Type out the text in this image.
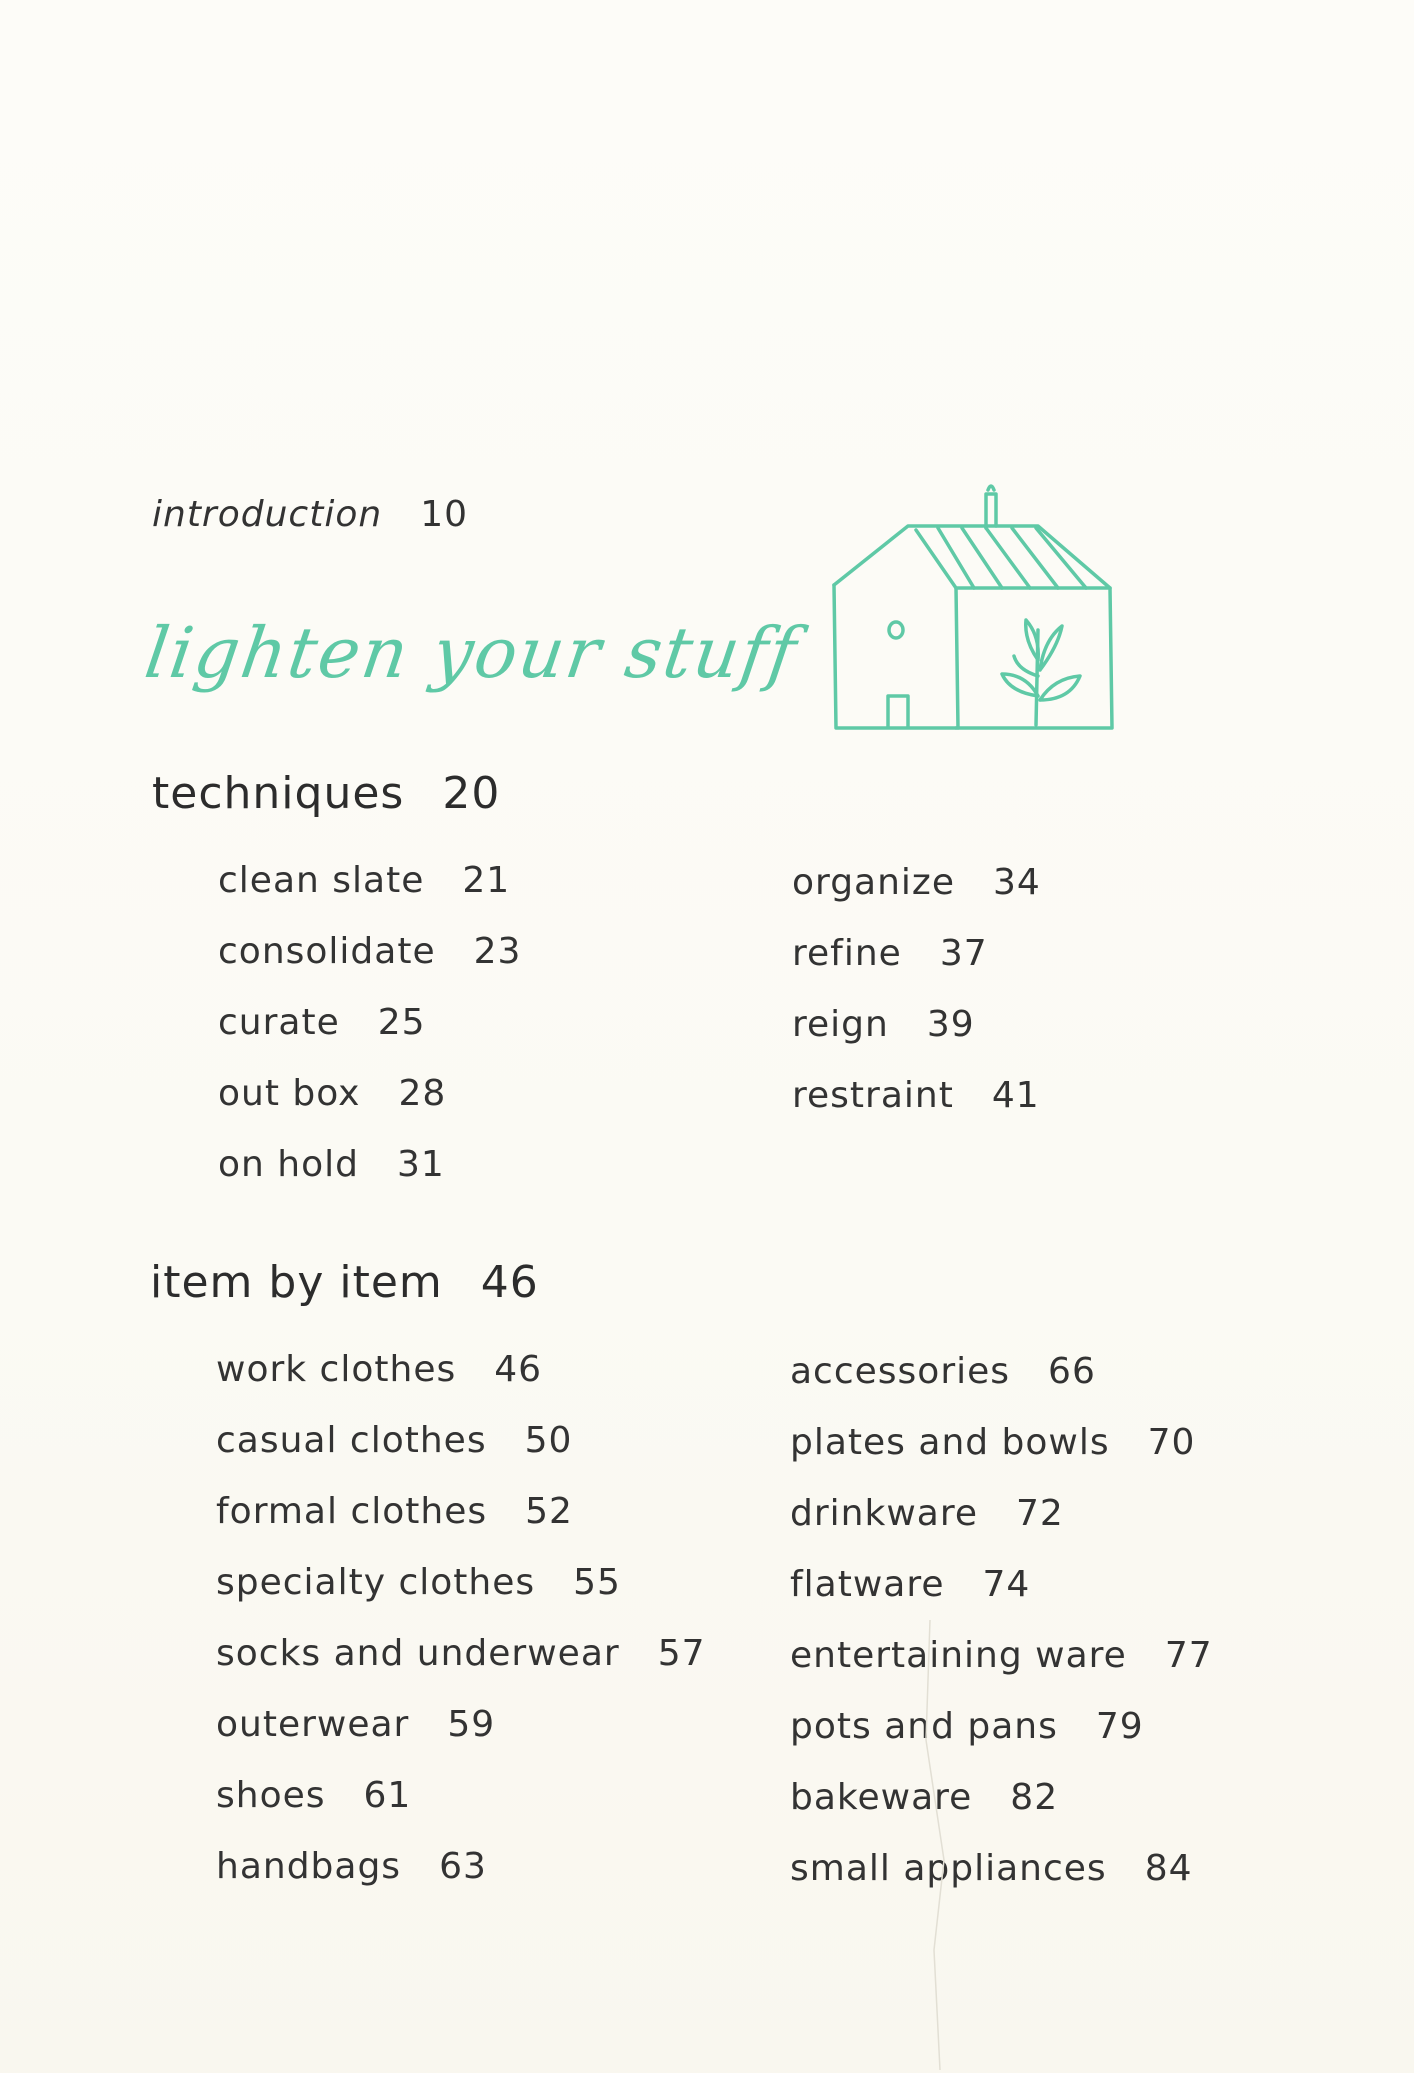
introduction 10
lighten your stuff
techniques 20
clean slate 21
consolidate 23
curate 25
out box 28
on hold 31
organize 34
refine 37
reign 39
restraint 41
item by item 46
work clothes 46
casual clothes 50
formal clothes 52
specialty clothes 55
socks and underwear 57
outerwear 59
shoes 61
handbags 63
accessories 66
plates and bowls 70
drinkware 72
flatware 74
entertaining ware 77
pots and pans 79
bakeware 82
small appliances 84
